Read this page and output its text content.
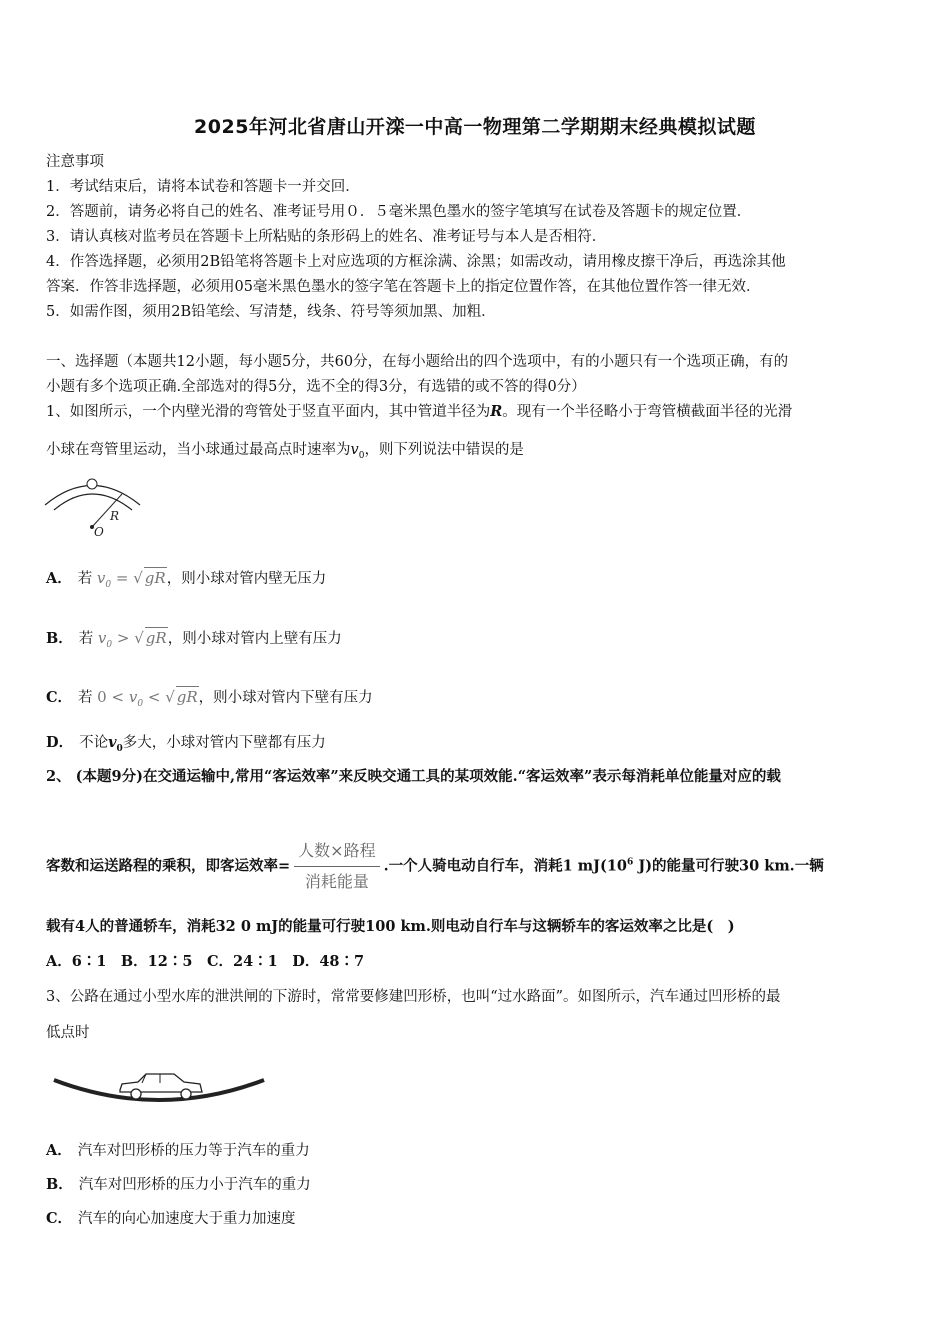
2025年河北省唐山开滦一中高一物理第二学期期末经典模拟试题
注意事项
1．考试结束后，请将本试卷和答题卡一并交回．
2．答题前，请务必将自己的姓名、准考证号用０．５毫米黑色墨水的签字笔填写在试卷及答题卡的规定位置．
3．请认真核对监考员在答题卡上所粘贴的条形码上的姓名、准考证号与本人是否相符．
4．作答选择题，必须用2B铅笔将答题卡上对应选项的方框涂满、涂黑；如需改动，请用橡皮擦干净后，再选涂其他
答案．作答非选择题，必须用05毫米黑色墨水的签字笔在答题卡上的指定位置作答，在其他位置作答一律无效．
5．如需作图，须用2B铅笔绘、写清楚，线条、符号等须加黑、加粗．
一、选择题（本题共12小题，每小题5分，共60分，在每小题给出的四个选项中，有的小题只有一个选项正确，有的
小题有多个选项正确.全部选对的得5分，选不全的得3分，有选错的或不答的得0分）
1、如图所示，一个内壁光滑的弯管处于竖直平面内，其中管道半径为R。现有一个半径略小于弯管横截面半径的光滑
小球在弯管里运动，当小球通过最高点时速率为$v_0$，则下列说法中错误的是
R
O
A． 若 $v_0$ = √ gR，则小球对管内壁无压力
B． 若 $v_0$ > √ gR，则小球对管内上壁有压力
C． 若 $0 < v_0$ < √ gR，则小球对管内下壁有压力
D． 不论$v_0$多大，小球对管内下壁都有压力
2、 (本题9分)在交通运输中,常用“客运效率”来反映交通工具的某项效能.“客运效率”表示每消耗单位能量对应的载
客数和运送路程的乘积，即客运效率= $\frac{\text{人数×路程}}{\text{消耗能量}}$ .一个人骑电动自行车，消耗1 $mJ(10^6$ J)的能量可行驶30 km.一辆
载有4人的普通轿车，消耗32 0 mJ的能量可行驶100 km.则电动自行车与这辆轿车的客运效率之比是(　)
A．6∶1　B．12∶5　C．24∶1　D．48∶7
3、公路在通过小型水库的泄洪闸的下游时，常常要修建凹形桥，也叫“过水路面”。如图所示，汽车通过凹形桥的最
低点时
A． 汽车对凹形桥的压力等于汽车的重力
B． 汽车对凹形桥的压力小于汽车的重力
C． 汽车的向心加速度大于重力加速度
